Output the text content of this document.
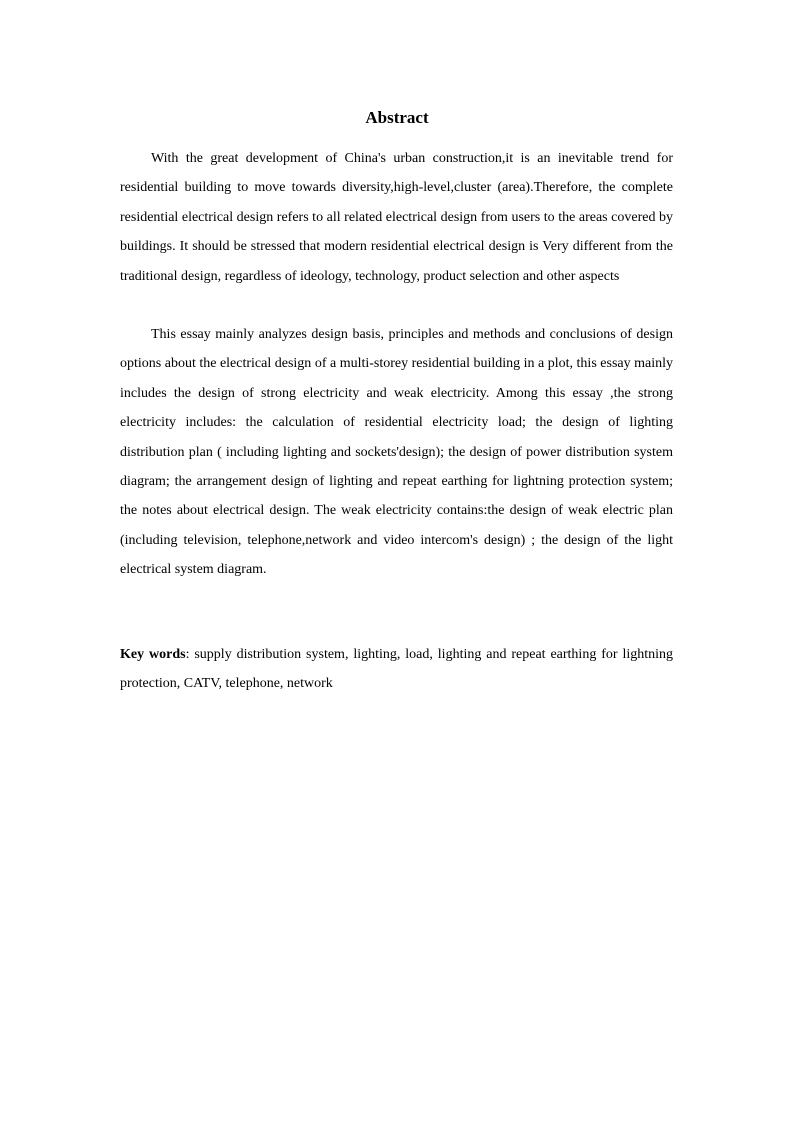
Abstract

With the great development of China's urban construction,it is an inevitable trend for residential building to move towards diversity,high-level,cluster (area).Therefore, the complete residential electrical design refers to all related electrical design from users to the areas covered by buildings. It should be stressed that modern residential electrical design is Very different from the traditional design, regardless of ideology, technology, product selection and other aspects

This essay mainly analyzes design basis, principles and methods and conclusions of design options about the electrical design of a multi-storey residential building in a plot, this essay mainly includes the design of strong electricity and weak electricity. Among this essay ,the strong electricity includes: the calculation of residential electricity load; the design of lighting distribution plan ( including lighting and sockets'design); the design of power distribution system diagram; the arrangement design of lighting and repeat earthing for lightning protection system; the notes about electrical design. The weak electricity contains:the design of weak electric plan (including television, telephone,network and video intercom's design) ; the design of the light electrical system diagram.

Key words: supply distribution system, lighting, load, lighting and repeat earthing for lightning protection, CATV, telephone, network
